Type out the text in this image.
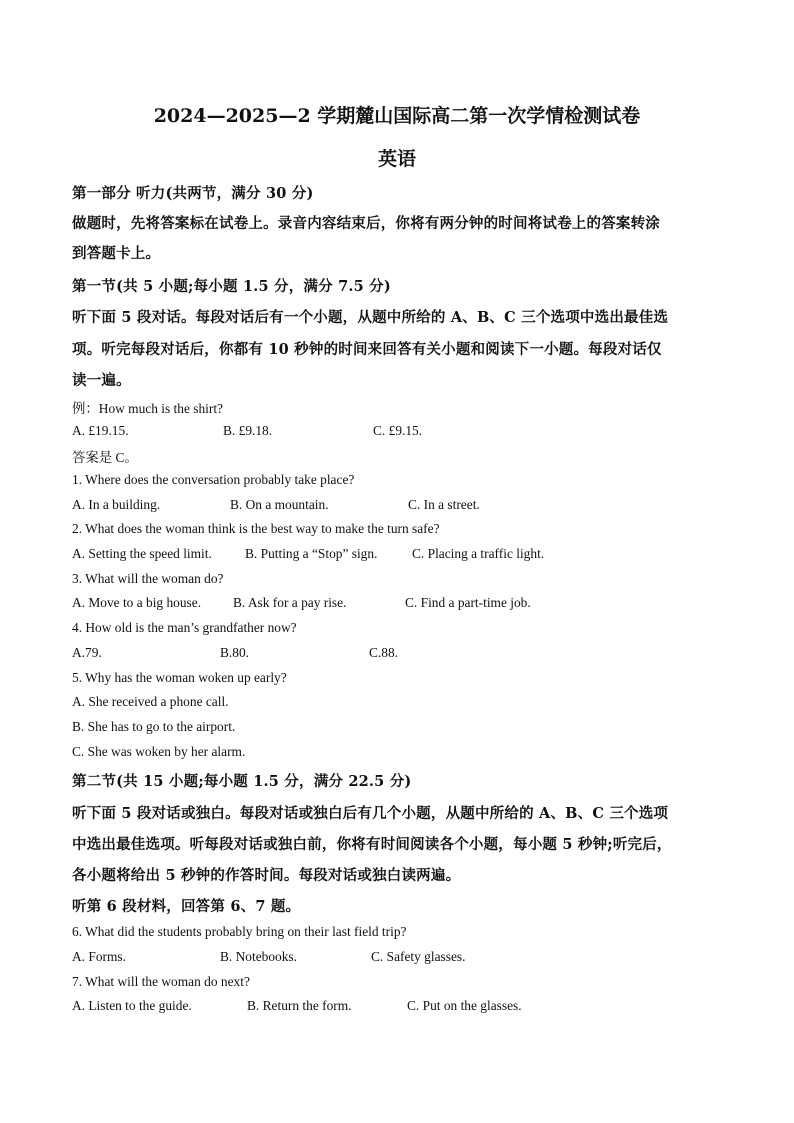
2024—2025—2 学期麓山国际高二第一次学情检测试卷
英语
第一部分 听力(共两节，满分 30 分)
做题时，先将答案标在试卷上。录音内容结束后，你将有两分钟的时间将试卷上的答案转涂
到答题卡上。
第一节(共 5 小题;每小题 1.5 分，满分 7.5 分)
听下面 5 段对话。每段对话后有一个小题，从题中所给的 A、B、C 三个选项中选出最佳选
项。听完每段对话后，你都有 10 秒钟的时间来回答有关小题和阅读下一小题。每段对话仅
读一遍。
例：How much is the shirt?
A. £19.15.	B. £9.18.	C. £9.15.
答案是 C。
1. Where does the conversation probably take place?
A. In a building.	B. On a mountain.	C. In a street.
2. What does the woman think is the best way to make the turn safe?
A. Setting the speed limit. B. Putting a “Stop” sign.	C. Placing a traffic light.
3. What will the woman do?
A. Move to a big house. B. Ask for a pay rise.	C. Find a part-time job.
4. How old is the man’s grandfather now?
A.79.	B.80.	C.88.
5. Why has the woman woken up early?
A. She received a phone call.
B. She has to go to the airport.
C. She was woken by her alarm.
第二节(共 15 小题;每小题 1.5 分，满分 22.5 分)
听下面 5 段对话或独白。每段对话或独白后有几个小题，从题中所给的 A、B、C 三个选项
中选出最佳选项。听每段对话或独白前，你将有时间阅读各个小题，每小题 5 秒钟;听完后，
各小题将给出 5 秒钟的作答时间。每段对话或独白读两遍。
听第 6 段材料，回答第 6、7 题。
6. What did the students probably bring on their last field trip?
A. Forms.	B. Notebooks.	C. Safety glasses.
7. What will the woman do next?
A. Listen to the guide.	B. Return the form.	C. Put on the glasses.
